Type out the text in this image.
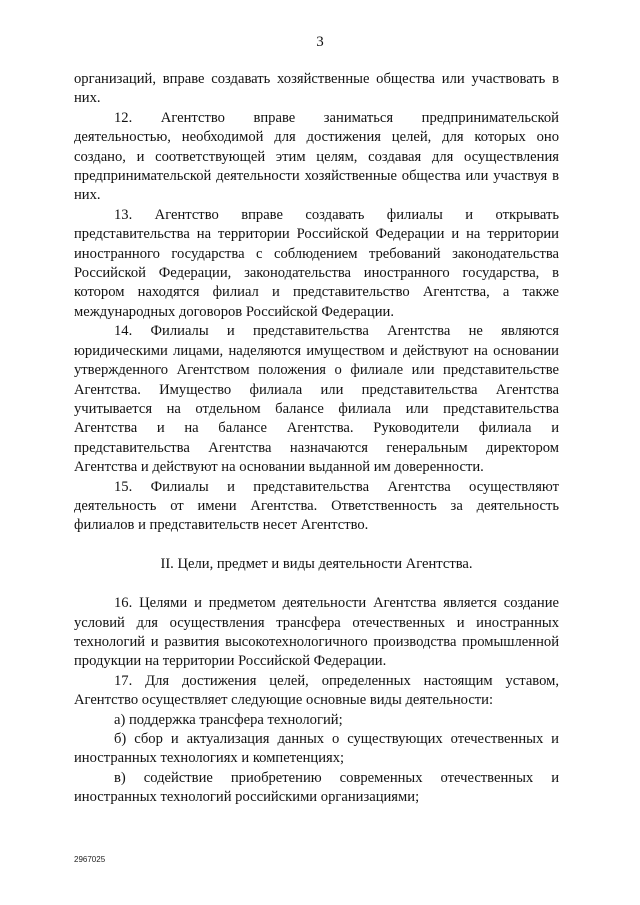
3

организаций, вправе создавать хозяйственные общества или участвовать в них.

12. Агентство вправе заниматься предпринимательской деятельностью, необходимой для достижения целей, для которых оно создано, и соответствующей этим целям, создавая для осуществления предпринимательской деятельности хозяйственные общества или участвуя в них.

13. Агентство вправе создавать филиалы и открывать представительства на территории Российской Федерации и на территории иностранного государства с соблюдением требований законодательства Российской Федерации, законодательства иностранного государства, в котором находятся филиал и представительство Агентства, а также международных договоров Российской Федерации.

14. Филиалы и представительства Агентства не являются юридическими лицами, наделяются имуществом и действуют на основании утвержденного Агентством положения о филиале или представительстве Агентства. Имущество филиала или представительства Агентства учитывается на отдельном балансе филиала или представительства Агентства и на балансе Агентства. Руководители филиала и представительства Агентства назначаются генеральным директором Агентства и действуют на основании выданной им доверенности.

15. Филиалы и представительства Агентства осуществляют деятельность от имени Агентства. Ответственность за деятельность филиалов и представительств несет Агентство.

II. Цели, предмет и виды деятельности Агентства.

16. Целями и предметом деятельности Агентства является создание условий для осуществления трансфера отечественных и иностранных технологий и развития высокотехнологичного производства промышленной продукции на территории Российской Федерации.

17. Для достижения целей, определенных настоящим уставом, Агентство осуществляет следующие основные виды деятельности:

а) поддержка трансфера технологий;

б) сбор и актуализация данных о существующих отечественных и иностранных технологиях и компетенциях;

в) содействие приобретению современных отечественных и иностранных технологий российскими организациями;

2967025
